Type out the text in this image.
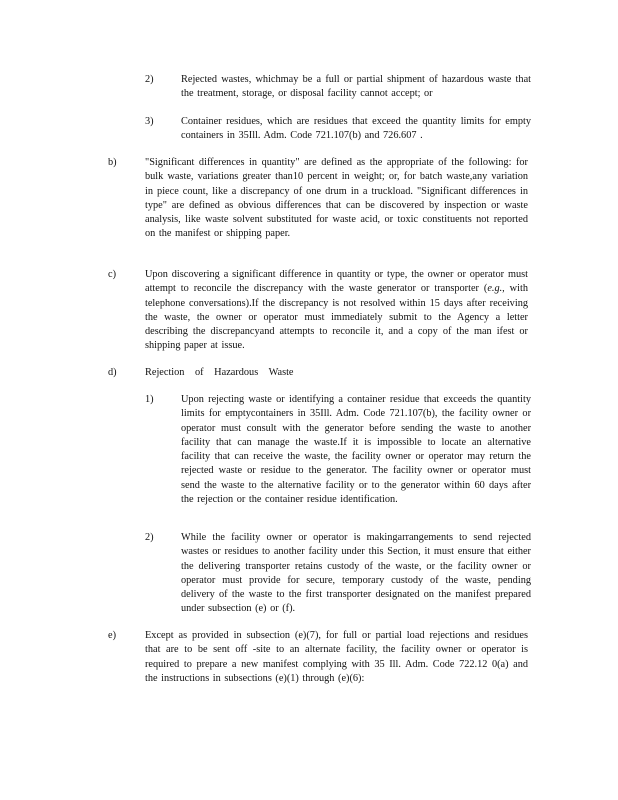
2)	Rejected wastes, whichmay be a full or partial shipment of hazardous waste that the treatment, storage, or disposal facility cannot accept; or
3)	Container residues, which are residues that exceed the quantity limits for empty containers in 35Ill. Adm. Code 721.107(b) and 726.607 .
b)	"Significant differences in quantity" are defined as the appropriate of the following: for bulk waste, variations greater than10 percent in weight; or, for batch waste,any variation in piece count, like a discrepancy of one drum in a truckload. "Significant differences in type" are defined as obvious differences that can be discovered by inspection or waste analysis, like waste solvent substituted for waste acid, or toxic constituents not reported on the manifest or shipping paper.
c)	Upon discovering a significant difference in quantity or type, the owner or operator must attempt to reconcile the discrepancy with the waste generator or transporter (e.g., with telephone conversations).If the discrepancy is not resolved within 15 days after receiving the waste, the owner or operator must immediately submit to the Agency a letter describing the discrepancyand attempts to reconcile it, and a copy of the man ifest or shipping paper at issue.
d)	Rejection of Hazardous Waste
1)	Upon rejecting waste or identifying a container residue that exceeds the quantity limits for emptycontainers in 35Ill. Adm. Code 721.107(b), the facility owner or operator must consult with the generator before sending the waste to another facility that can manage the waste.If it is impossible to locate an alternative facility that can receive the waste, the facility owner or operator may return the rejected waste or residue to the generator. The facility owner or operator must send the waste to the alternative facility or to the generator within 60 days after the rejection or the container residue identification.
2)	While the facility owner or operator is makingarrangements to send rejected wastes or residues to another facility under this Section, it must ensure that either the delivering transporter retains custody of the waste, or the facility owner or operator must provide for secure, temporary custody of the waste, pending delivery of the waste to the first transporter designated on the manifest prepared under subsection (e) or (f).
e)	Except as provided in subsection (e)(7), for full or partial load rejections and residues that are to be sent off -site to an alternate facility, the facility owner or operator is required to prepare a new manifest complying with 35 Ill. Adm. Code 722.12 0(a) and the instructions in subsections (e)(1) through (e)(6):
